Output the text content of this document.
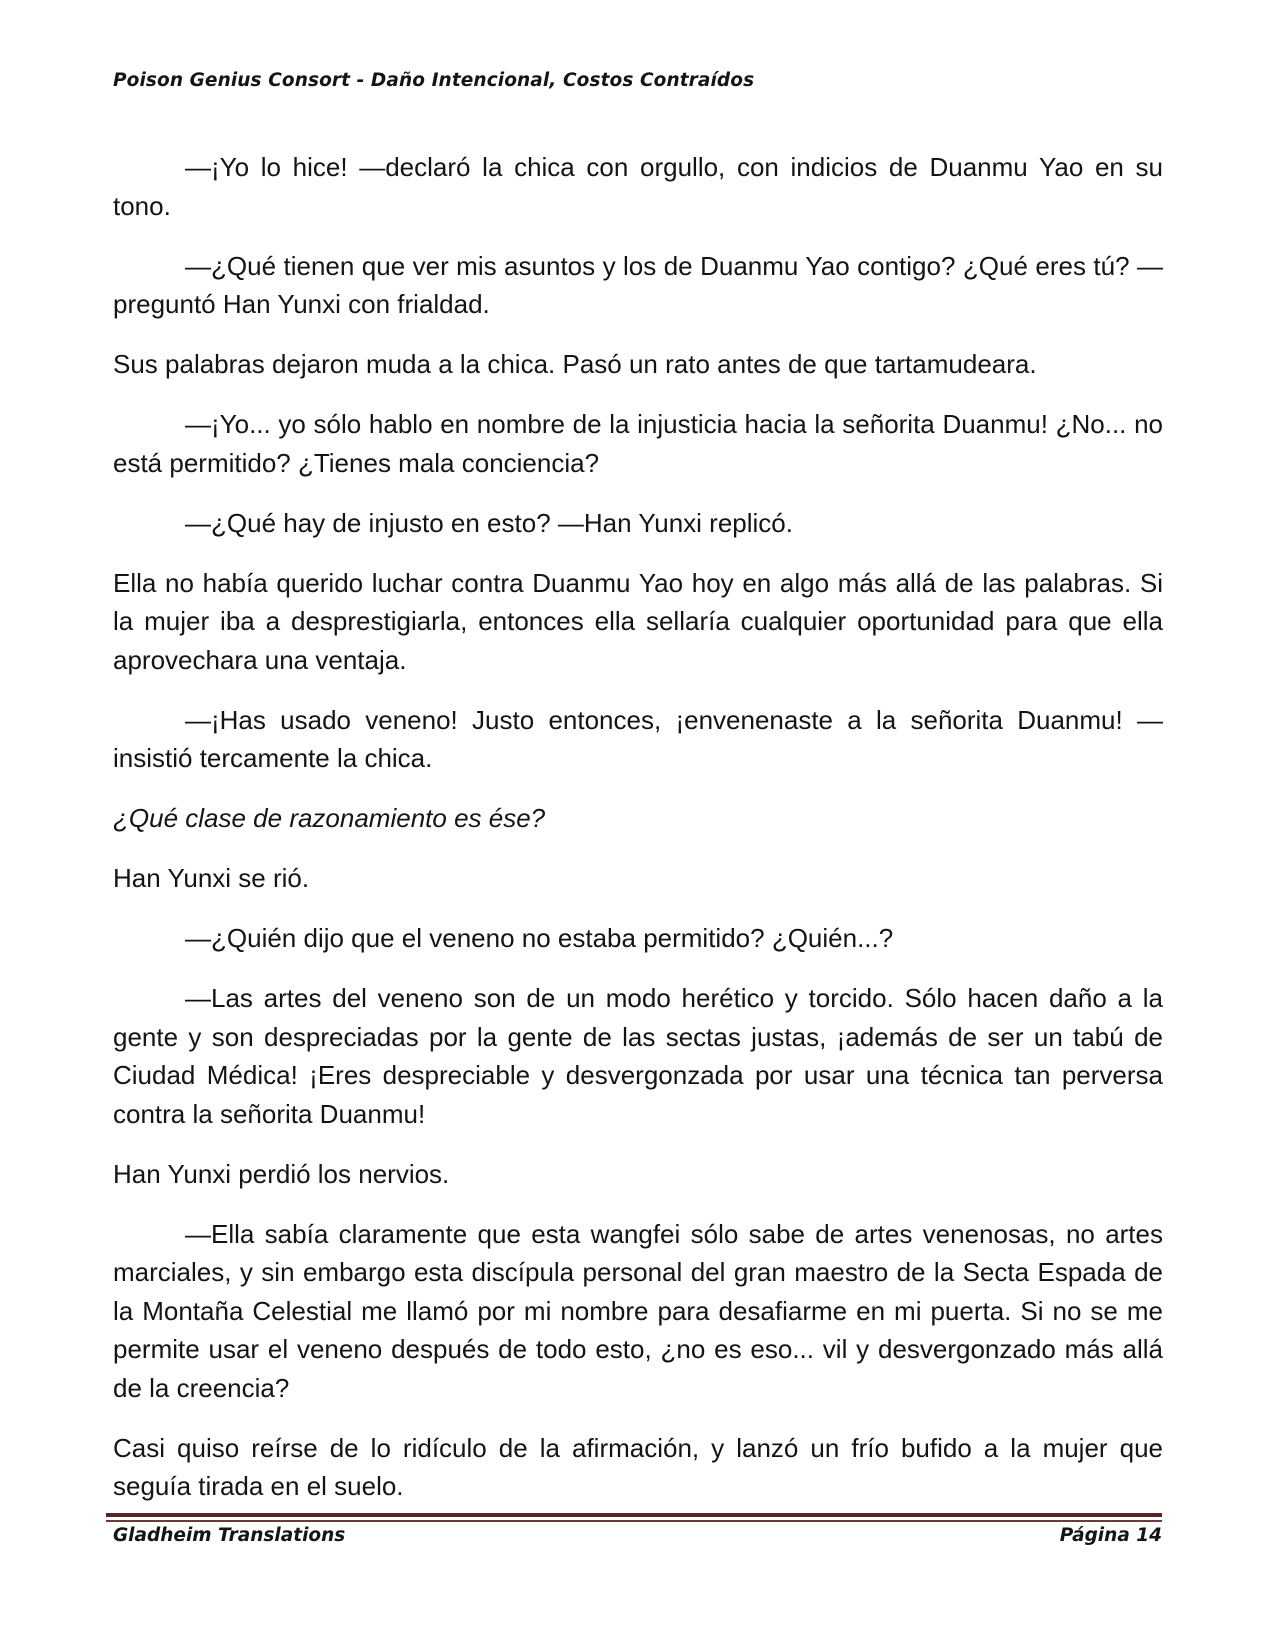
Poison Genius Consort - Daño Intencional, Costos Contraídos

—¡Yo lo hice! —declaró la chica con orgullo, con indicios de Duanmu Yao en su tono.

—¿Qué tienen que ver mis asuntos y los de Duanmu Yao contigo? ¿Qué eres tú? —preguntó Han Yunxi con frialdad.

Sus palabras dejaron muda a la chica. Pasó un rato antes de que tartamudeara.

—¡Yo... yo sólo hablo en nombre de la injusticia hacia la señorita Duanmu! ¿No... no está permitido? ¿Tienes mala conciencia?

—¿Qué hay de injusto en esto? —Han Yunxi replicó.

Ella no había querido luchar contra Duanmu Yao hoy en algo más allá de las palabras. Si la mujer iba a desprestigiarla, entonces ella sellaría cualquier oportunidad para que ella aprovechara una ventaja.

—¡Has usado veneno! Justo entonces, ¡envenenaste a la señorita Duanmu! —insistió tercamente la chica.

¿Qué clase de razonamiento es ése?

Han Yunxi se rió.

—¿Quién dijo que el veneno no estaba permitido? ¿Quién...?

—Las artes del veneno son de un modo herético y torcido. Sólo hacen daño a la gente y son despreciadas por la gente de las sectas justas, ¡además de ser un tabú de Ciudad Médica! ¡Eres despreciable y desvergonzada por usar una técnica tan perversa contra la señorita Duanmu!

Han Yunxi perdió los nervios.

—Ella sabía claramente que esta wangfei sólo sabe de artes venenosas, no artes marciales, y sin embargo esta discípula personal del gran maestro de la Secta Espada de la Montaña Celestial me llamó por mi nombre para desafiarme en mi puerta. Si no se me permite usar el veneno después de todo esto, ¿no es eso... vil y desvergonzado más allá de la creencia?

Casi quiso reírse de lo ridículo de la afirmación, y lanzó un frío bufido a la mujer que seguía tirada en el suelo.

Gladheim Translations	Página 14
